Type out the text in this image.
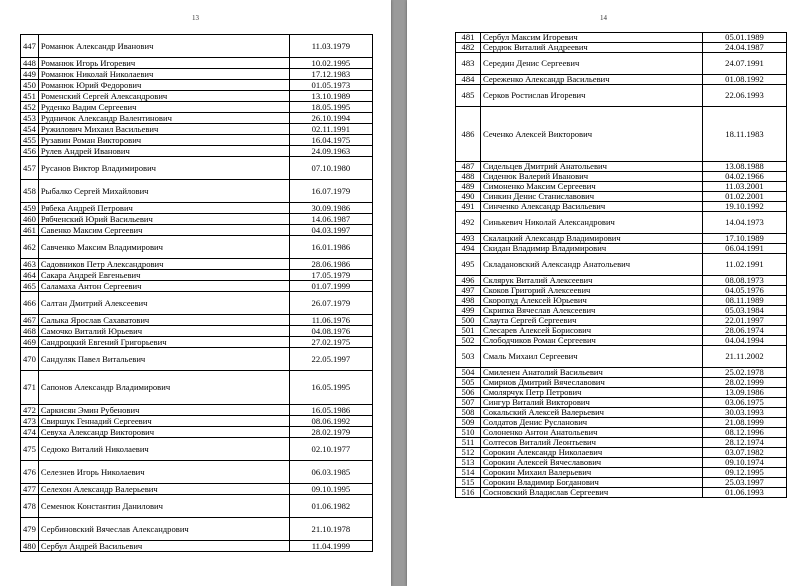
13
447	Романюк Александр Иванович	11.03.1979
448	Романюк Игорь Игоревич	10.02.1995
449	Романюк Николай Николаевич	17.12.1983
450	Романюк Юрий Федорович	01.05.1973
451	Роменский Сергей Александрович	13.10.1989
452	Руденко Вадим Сергеевич	18.05.1995
453	Рудничок Александр Валентинович	26.10.1994
454	Ружилович Михаил Васильевич	02.11.1991
455	Рузавин Роман Викторович	16.04.1975
456	Рулев Андрей Иванович	24.09.1963
457	Русанов Виктор Владимирович	07.10.1980
458	Рыбалко Сергей Михайлович	16.07.1979
459	Рябека Андрей Петрович	30.09.1986
460	Рябченский Юрий Васильевич	14.06.1987
461	Савенко Максим Сергеевич	04.03.1997
462	Савченко Максим Владимирович	16.01.1986
463	Садовников Петр Александрович	28.06.1986
464	Сакара Андрей Евгеньевич	17.05.1979
465	Саламаха Антон Сергеевич	01.07.1999
466	Салтан Дмитрий Алексеевич	26.07.1979
467	Салыка Ярослав Сахаватович	11.06.1976
468	Самочко Виталий Юрьевич	04.08.1976
469	Сандроцкий Евгений Григорьевич	27.02.1975
470	Сандуляк Павел Витальевич	22.05.1997
471	Сапонов Александр Владимирович	16.05.1995
472	Саркисян Эмин Рубенович	16.05.1986
473	Свиршук Геннадий Сергеевич	08.06.1992
474	Севуха Александр Викторович	28.02.1979
475	Седюко Виталий Николаевич	02.10.1977
476	Селезнев Игорь Николаевич	06.03.1985
477	Селехон Александр Валерьевич	09.10.1995
478	Семенюк Константин Данилович	01.06.1982
479	Сербиновский Вячеслав Александрович	21.10.1978
480	Сербул Андрей Васильевич	11.04.1999
14
481	Сербул Максим Игоревич	05.01.1989
482	Сердюк Виталий Андреевич	24.04.1987
483	Середин Денис Сергеевич	24.07.1991
484	Сереженко Александр Васильевич	01.08.1992
485	Серков Ростислав Игоревич	22.06.1993
486	Сеченко Алексей Викторович	18.11.1983
487	Сидельцев Дмитрий Анатольевич	13.08.1988
488	Сиденюк Валерий Иванович	04.02.1966
489	Симоненко Максим Сергеевич	11.03.2001
490	Синкин Денис Станиславович	01.02.2001
491	Синченко Александр Васильевич	19.10.1992
492	Синькевич Николай Александрович	14.04.1973
493	Скалацкий Александр Владимирович	17.10.1989
494	Скидан Владимир Владимирович	06.04.1991
495	Складановский Александр Анатольевич	11.02.1991
496	Склярук Виталий Алексеевич	08.08.1973
497	Скоков Григорий Алексеевич	04.05.1976
498	Скоропуд Алексей Юрьевич	08.11.1989
499	Скрипка Вячеслав Алексеевич	05.03.1984
500	Слаута Сергей Сергеевич	22.01.1997
501	Слесарев Алексей Борисович	28.06.1974
502	Слободчиков Роман Сергеевич	04.04.1994
503	Смаль Михаил Сергеевич	21.11.2002
504	Смиленен Анатолий Васильевич	25.02.1978
505	Смирнов Дмитрий Вячеславович	28.02.1999
506	Смолярчук Петр Петрович	13.09.1986
507	Сингур Виталий Викторович	03.06.1975
508	Сокальский Алексей Валерьевич	30.03.1993
509	Солдатов Денис Русланович	21.08.1999
510	Солоненко Антон Анатольевич	08.12.1996
511	Солтесов Виталий Леонтьевич	28.12.1974
512	Сорокин Александр Николаевич	03.07.1982
513	Сорокин Алексей Вячеславович	09.10.1974
514	Сорокин Михаил Валерьевич	09.12.1995
515	Сорокин Владимир Богданович	25.03.1997
516	Сосновский Владислав Сергеевич	01.06.1993
